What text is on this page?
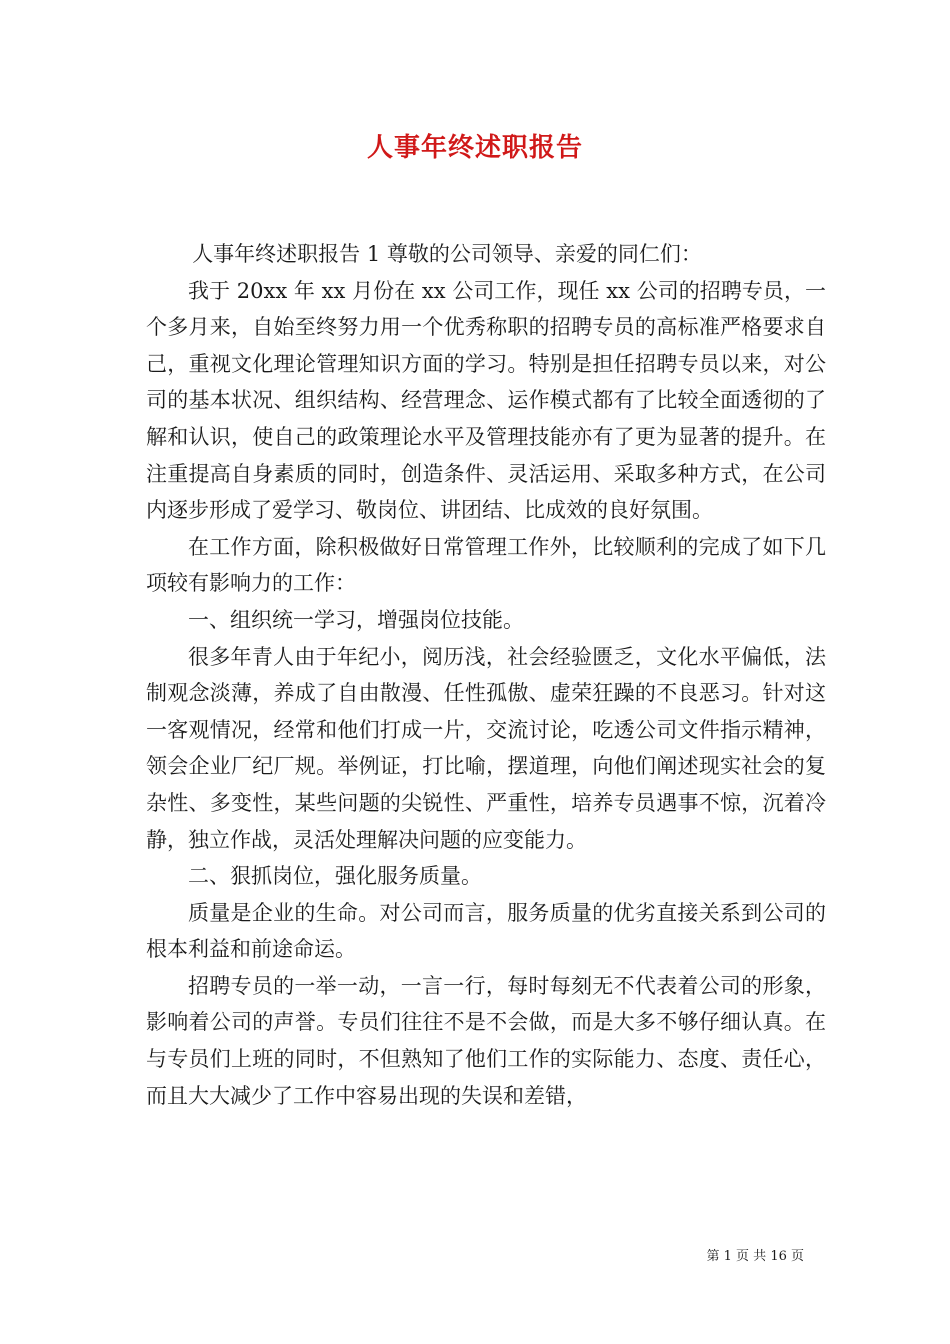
人事年终述职报告

人事年终述职报告 1 尊敬的公司领导、亲爱的同仁们：

我于 20xx 年 xx 月份在 xx 公司工作，现任 xx 公司的招聘专员，一个多月来，自始至终努力用一个优秀称职的招聘专员的高标准严格要求自己，重视文化理论管理知识方面的学习。特别是担任招聘专员以来，对公司的基本状况、组织结构、经营理念、运作模式都有了比较全面透彻的了解和认识，使自己的政策理论水平及管理技能亦有了更为显著的提升。在注重提高自身素质的同时，创造条件、灵活运用、采取多种方式，在公司内逐步形成了爱学习、敬岗位、讲团结、比成效的良好氛围。

在工作方面，除积极做好日常管理工作外，比较顺利的完成了如下几项较有影响力的工作：

一、组织统一学习，增强岗位技能。

很多年青人由于年纪小，阅历浅，社会经验匮乏，文化水平偏低，法制观念淡薄，养成了自由散漫、任性孤傲、虚荣狂躁的不良恶习。针对这一客观情况，经常和他们打成一片，交流讨论，吃透公司文件指示精神，领会企业厂纪厂规。举例证，打比喻，摆道理，向他们阐述现实社会的复杂性、多变性，某些问题的尖锐性、严重性，培养专员遇事不惊，沉着冷静，独立作战，灵活处理解决问题的应变能力。

二、狠抓岗位，强化服务质量。

质量是企业的生命。对公司而言，服务质量的优劣直接关系到公司的根本利益和前途命运。

招聘专员的一举一动，一言一行，每时每刻无不代表着公司的形象，影响着公司的声誉。专员们往往不是不会做，而是大多不够仔细认真。在与专员们上班的同时，不但熟知了他们工作的实际能力、态度、责任心，而且大大减少了工作中容易出现的失误和差错，

第 1 页 共 16 页
